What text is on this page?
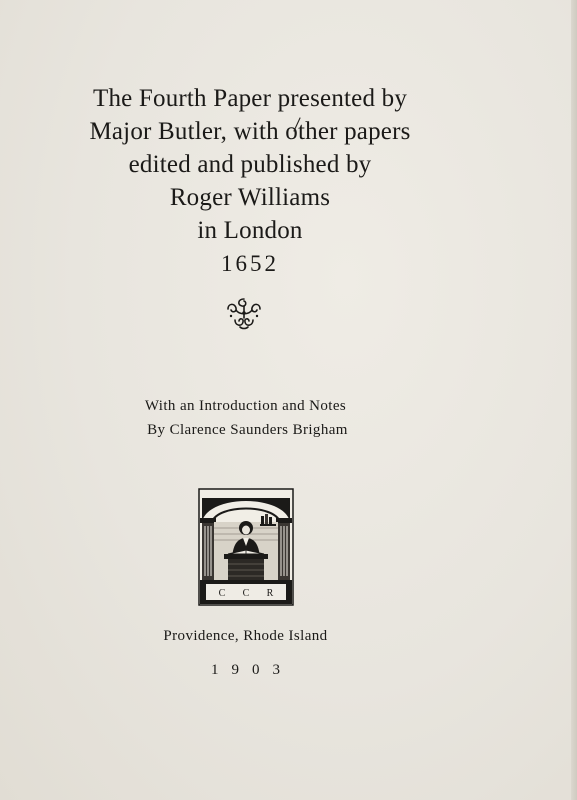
The Fourth Paper presented by
Major Butler, with other papers
edited and published by
Roger Williams
in London
1652
With an Introduction and Notes
By Clarence Saunders Brigham
C C R
Providence, Rhode Island
1903
